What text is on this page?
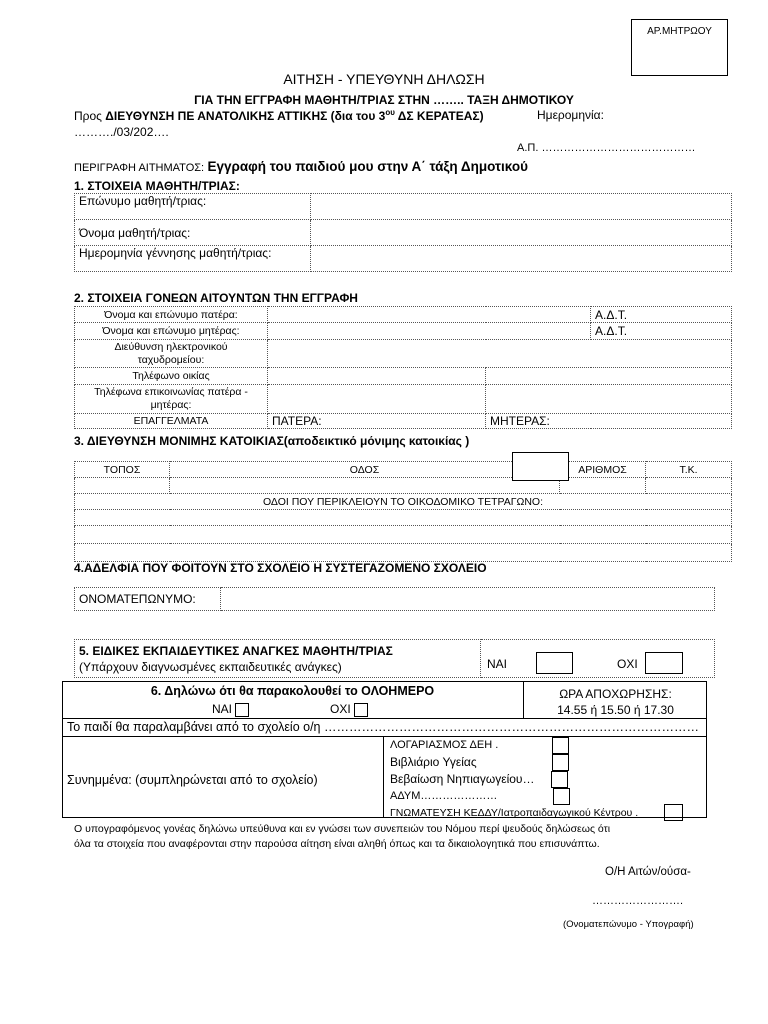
ΑΡ.ΜΗΤΡΩΟΥ
ΑΙΤΗΣΗ - ΥΠΕΥΘΥΝΗ ΔΗΛΩΣΗ
ΓΙΑ ΤΗΝ ΕΓΓΡΑΦΗ ΜΑΘΗΤΗ/ΤΡΙΑΣ ΣΤΗΝ …….. ΤΑΞΗ ΔΗΜΟΤΙΚΟΥ
Προς ΔΙΕΥΘΥΝΣΗ ΠΕ ΑΝΑΤΟΛΙΚΗΣ ΑΤΤΙΚΗΣ (δια του $3^{o\upsilon}$ ΔΣ ΚΕΡΑΤΕΑΣ)	Ημερομηνία:
………./03/202….
Α.Π. ……………………………………
ΠΕΡΙΓΡΑΦΗ ΑΙΤΗΜΑΤΟΣ: Εγγραφή του παιδιού μου στην Α΄ τάξη Δημοτικού
1. ΣΤΟΙΧΕΙΑ ΜΑΘΗΤΗ/ΤΡΙΑΣ:
Επώνυμο μαθητή/τριας:	
Όνομα μαθητή/τριας:	
Ημερομηνία γέννησης μαθητή/τριας:	
2. ΣΤΟΙΧΕΙΑ ΓΟΝΕΩΝ ΑΙΤΟΥΝΤΩΝ ΤΗΝ ΕΓΓΡΑΦΗ
Όνομα και επώνυμο πατέρα:			Α.Δ.Τ.
Όνομα και επώνυμο μητέρας:			Α.Δ.Τ.

Διεύθυνση ηλεκτρονικού
ταχυδρομείου:			

Τηλέφωνο οικίας			

Τηλέφωνα επικοινωνίας πατέρα -
μητέρας:			

ΕΠΑΓΓΕΛΜΑΤΑ	ΠΑΤΕΡΑ:	ΜΗΤΕΡΑΣ:	
3. ΔΙΕΥΘΥΝΣΗ ΜΟΝΙΜΗΣ ΚΑΤΟΙΚΙΑΣ(αποδεικτικό μόνιμης κατοικίας )
ΤΟΠΟΣ	ΟΔΟΣ	ΑΡΙΘΜΟΣ	Τ.Κ.

ΟΔΟΙ ΠΟΥ ΠΕΡΙΚΛΕΙΟΥΝ ΤΟ ΟΙΚΟΔΟΜΙΚΟ ΤΕΤΡΑΓΩΝΟ:			

4.ΑΔΕΛΦΙΑ ΠΟΥ ΦΟΙΤΟΥΝ ΣΤΟ ΣΧΟΛΕΙΟ Η ΣΥΣΤΕΓΑΖΟΜΕΝΟ ΣΧΟΛΕΙΟ
ΟΝΟΜΑΤΕΠΩΝΥΜΟ:	
5. ΕΙΔΙΚΕΣ ΕΚΠΑΙΔΕΥΤΙΚΕΣ ΑΝΑΓΚΕΣ ΜΑΘΗΤΗ/ΤΡΙΑΣ
(Υπάρχουν διαγνωσμένες εκπαιδευτικές ανάγκες)
		ΝΑΙ	ΟΧΙ
6. Δηλώνω ότι θα παρακολουθεί το ΟΛΟΗΜΕΡΟ
ΝΑΙ	ΟΧΙ
ΩΡΑ ΑΠΟΧΩΡΗΣΗΣ:
14.55 ή 15.50 ή 17.30
Το παιδί θα παραλαμβάνει από το σχολείο ο/η ………………………………………………………………………………
Συνημμένα: (συμπληρώνεται από το σχολείο)
ΛΟΓΑΡΙΑΣΜΟΣ ΔΕΗ .
Βιβλιάριο Υγείας
Βεβαίωση Νηπιαγωγείου…
ΑΔΥΜ…………………
ΓΝΩΜΑΤΕΥΣΗ ΚΕΔΔΥ/Ιατροπαιδαγωγικού Κέντρου .
Ο υπογραφόμενος γονέας δηλώνω υπεύθυνα και εν γνώσει των συνεπειών του Νόμου περί ψευδούς δηλώσεως ότι
όλα τα στοιχεία που αναφέρονται στην παρούσα αίτηση είναι αληθή όπως και τα δικαιολογητικά που επισυνάπτω.
Ο/Η Αιτών/ούσα-
…………………….
(Ονοματεπώνυμο - Υπογραφή)
